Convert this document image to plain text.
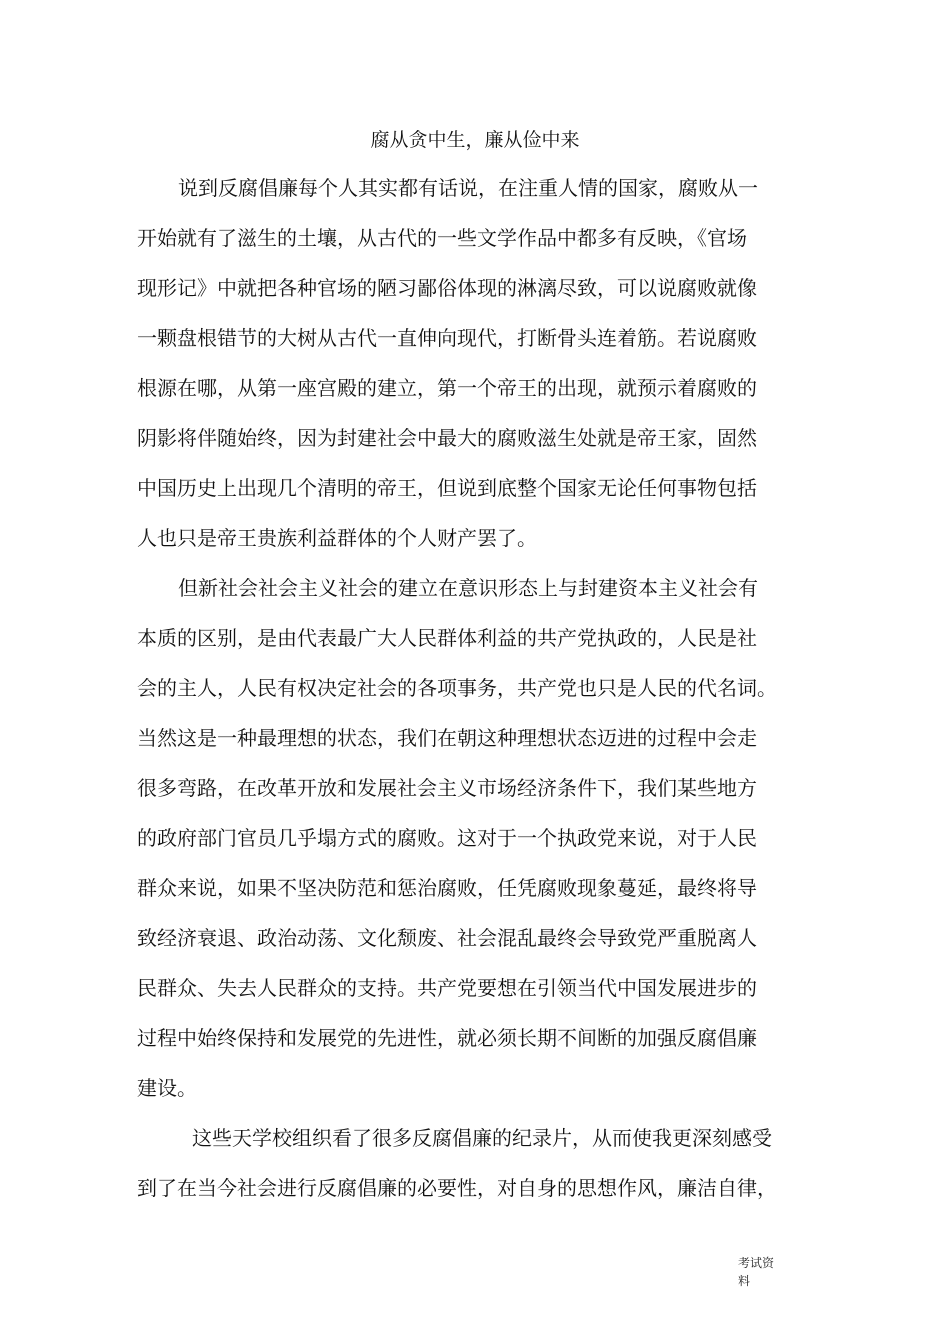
腐从贪中生，廉从俭中来
说到反腐倡廉每个人其实都有话说，在注重人情的国家，腐败从一
开始就有了滋生的土壤，从古代的一些文学作品中都多有反映，《官场
现形记》中就把各种官场的陋习鄙俗体现的淋漓尽致，可以说腐败就像
一颗盘根错节的大树从古代一直伸向现代，打断骨头连着筋。若说腐败
根源在哪，从第一座宫殿的建立，第一个帝王的出现，就预示着腐败的
阴影将伴随始终，因为封建社会中最大的腐败滋生处就是帝王家，固然
中国历史上出现几个清明的帝王，但说到底整个国家无论任何事物包括
人也只是帝王贵族利益群体的个人财产罢了。
但新社会社会主义社会的建立在意识形态上与封建资本主义社会有
本质的区别，是由代表最广大人民群体利益的共产党执政的，人民是社
会的主人，人民有权决定社会的各项事务，共产党也只是人民的代名词。
当然这是一种最理想的状态，我们在朝这种理想状态迈进的过程中会走
很多弯路，在改革开放和发展社会主义市场经济条件下，我们某些地方
的政府部门官员几乎塌方式的腐败。这对于一个执政党来说，对于人民
群众来说，如果不坚决防范和惩治腐败，任凭腐败现象蔓延，最终将导
致经济衰退、政治动荡、文化颓废、社会混乱最终会导致党严重脱离人
民群众、失去人民群众的支持。共产党要想在引领当代中国发展进步的
过程中始终保持和发展党的先进性，就必须长期不间断的加强反腐倡廉
建设。
这些天学校组织看了很多反腐倡廉的纪录片，从而使我更深刻感受
到了在当今社会进行反腐倡廉的必要性，对自身的思想作风，廉洁自律，
考试资
料
